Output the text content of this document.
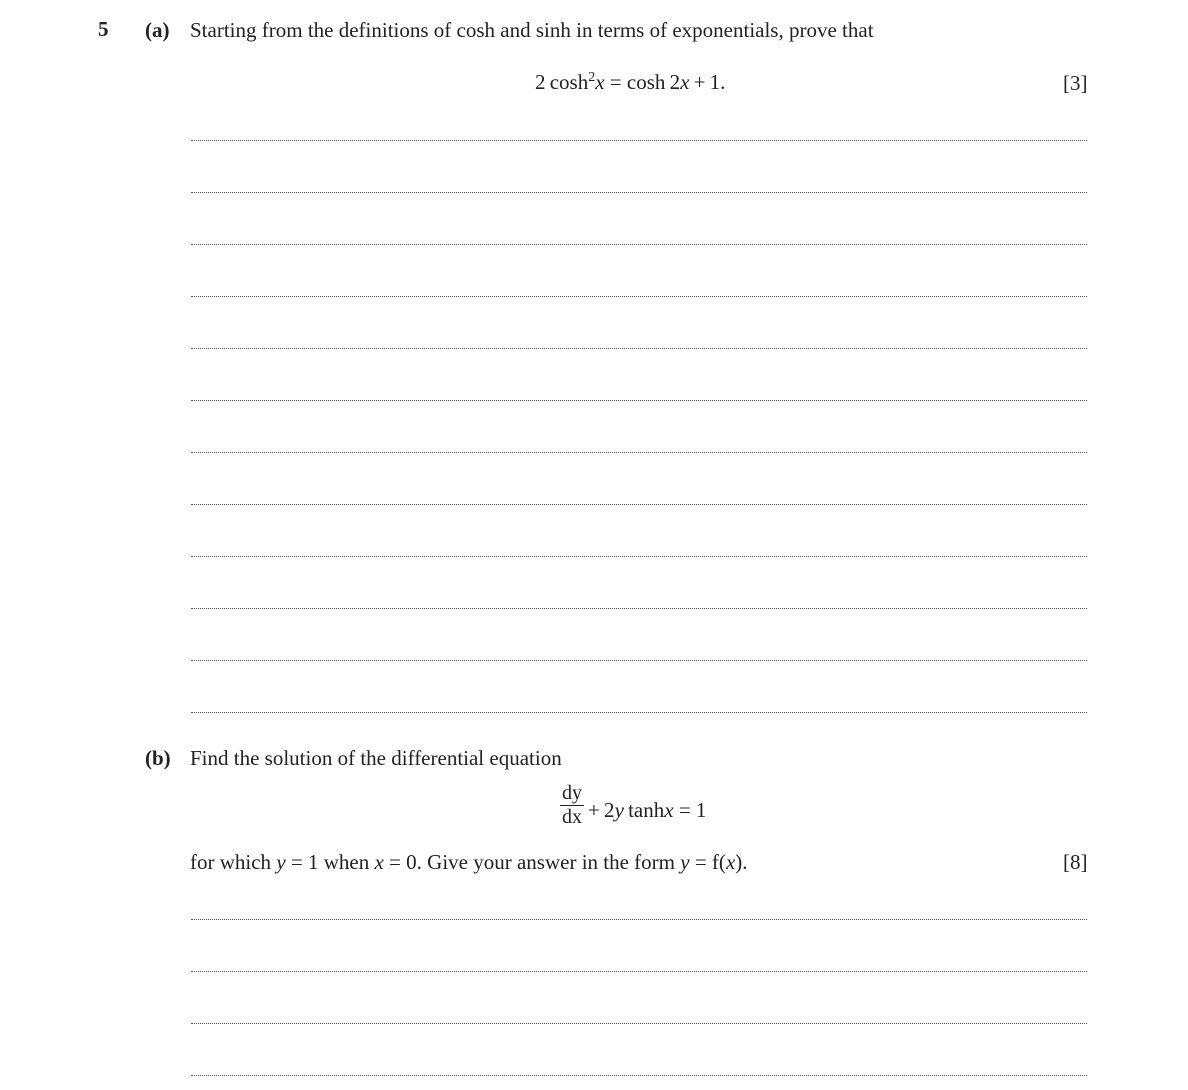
5 (a) Starting from the definitions of cosh and sinh in terms of exponentials, prove that
2 $\cosh^2x = \cosh 2x + 1$.	[3]
(b) Find the solution of the differential equation
dy
dx + 2y tanhx = 1
for which y = 1 when x = 0. Give your answer in the form y = f(x).	[8]
